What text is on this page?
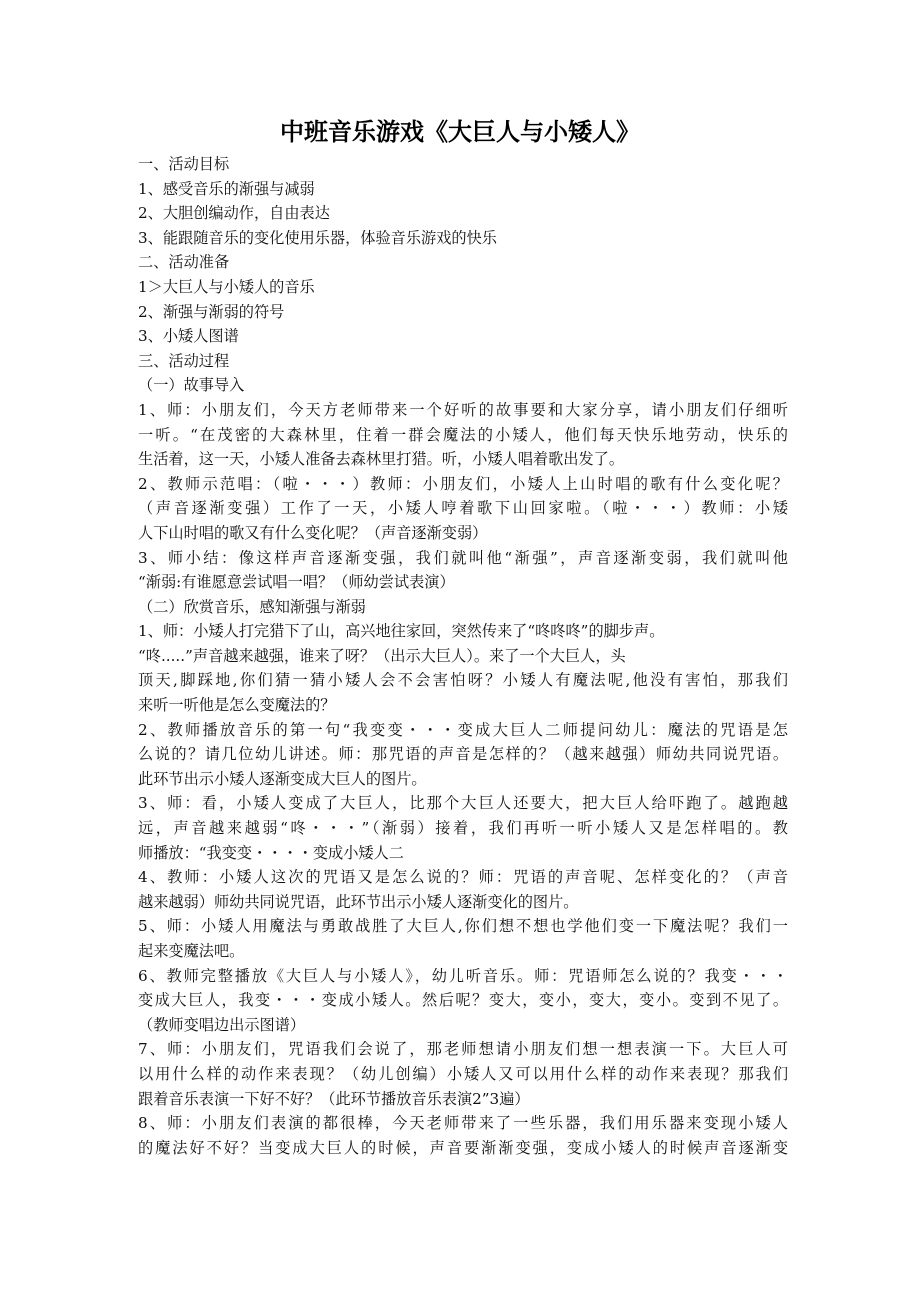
中班音乐游戏《大巨人与小矮人》
一、活动目标
1、感受音乐的渐强与减弱
2、大胆创编动作，自由表达
3、能跟随音乐的变化使用乐器，体验音乐游戏的快乐
二、活动准备
1＞大巨人与小矮人的音乐
2、渐强与渐弱的符号
3、小矮人图谱
三、活动过程
（一）故事导入
1、师：小朋友们，今天方老师带来一个好听的故事要和大家分享，请小朋友们仔细听
一听。“在茂密的大森林里，住着一群会魔法的小矮人，他们每天快乐地劳动，快乐的
生活着，这一天，小矮人准备去森林里打猎。听，小矮人唱着歌出发了。
2、教师示范唱：（啦・・・）教师：小朋友们，小矮人上山时唱的歌有什么变化呢？
（声音逐渐变强）工作了一天，小矮人哼着歌下山回家啦。（啦・・・）教师：小矮
人下山时唱的歌又有什么变化呢？（声音逐渐变弱）
3、师小结：像这样声音逐渐变强，我们就叫他“渐强”，声音逐渐变弱，我们就叫他
“渐弱:有谁愿意尝试唱一唱？（师幼尝试表演）
（二）欣赏音乐，感知渐强与渐弱
1、师：小矮人打完猎下了山，高兴地往家回，突然传来了“咚咚咚”的脚步声。
“咚.....”声音越来越强，谁来了呀？（出示大巨人）。来了一个大巨人，头
顶天,脚踩地,你们猜一猜小矮人会不会害怕呀？小矮人有魔法呢,他没有害怕，那我们
来听一听他是怎么变魔法的？
2、教师播放音乐的第一句“我变变・・・变成大巨人二师提问幼儿：魔法的咒语是怎
么说的？请几位幼儿讲述。师：那咒语的声音是怎样的？（越来越强）师幼共同说咒语。
此环节出示小矮人逐渐变成大巨人的图片。
3、师：看，小矮人变成了大巨人，比那个大巨人还要大，把大巨人给吓跑了。越跑越
远，声音越来越弱“咚・・・”（渐弱）接着，我们再听一听小矮人又是怎样唱的。教
师播放：“我变变・・・・变成小矮人二
4、教师：小矮人这次的咒语又是怎么说的？师：咒语的声音呢、怎样变化的？（声音
越来越弱）师幼共同说咒语，此环节出示小矮人逐渐变化的图片。
5、师：小矮人用魔法与勇敢战胜了大巨人,你们想不想也学他们变一下魔法呢？我们一
起来变魔法吧。
6、教师完整播放《大巨人与小矮人》，幼儿听音乐。师：咒语师怎么说的？我变・・・
变成大巨人，我变・・・变成小矮人。然后呢？变大，变小，变大，变小。变到不见了。
（教师变唱边出示图谱）
7、师：小朋友们，咒语我们会说了，那老师想请小朋友们想一想表演一下。大巨人可
以用什么样的动作来表现？（幼儿创编）小矮人又可以用什么样的动作来表现？那我们
跟着音乐表演一下好不好？（此环节播放音乐表演2”3遍）
8、师：小朋友们表演的都很棒，今天老师带来了一些乐器，我们用乐器来变现小矮人
的魔法好不好？当变成大巨人的时候，声音要渐渐变强，变成小矮人的时候声音逐渐变
